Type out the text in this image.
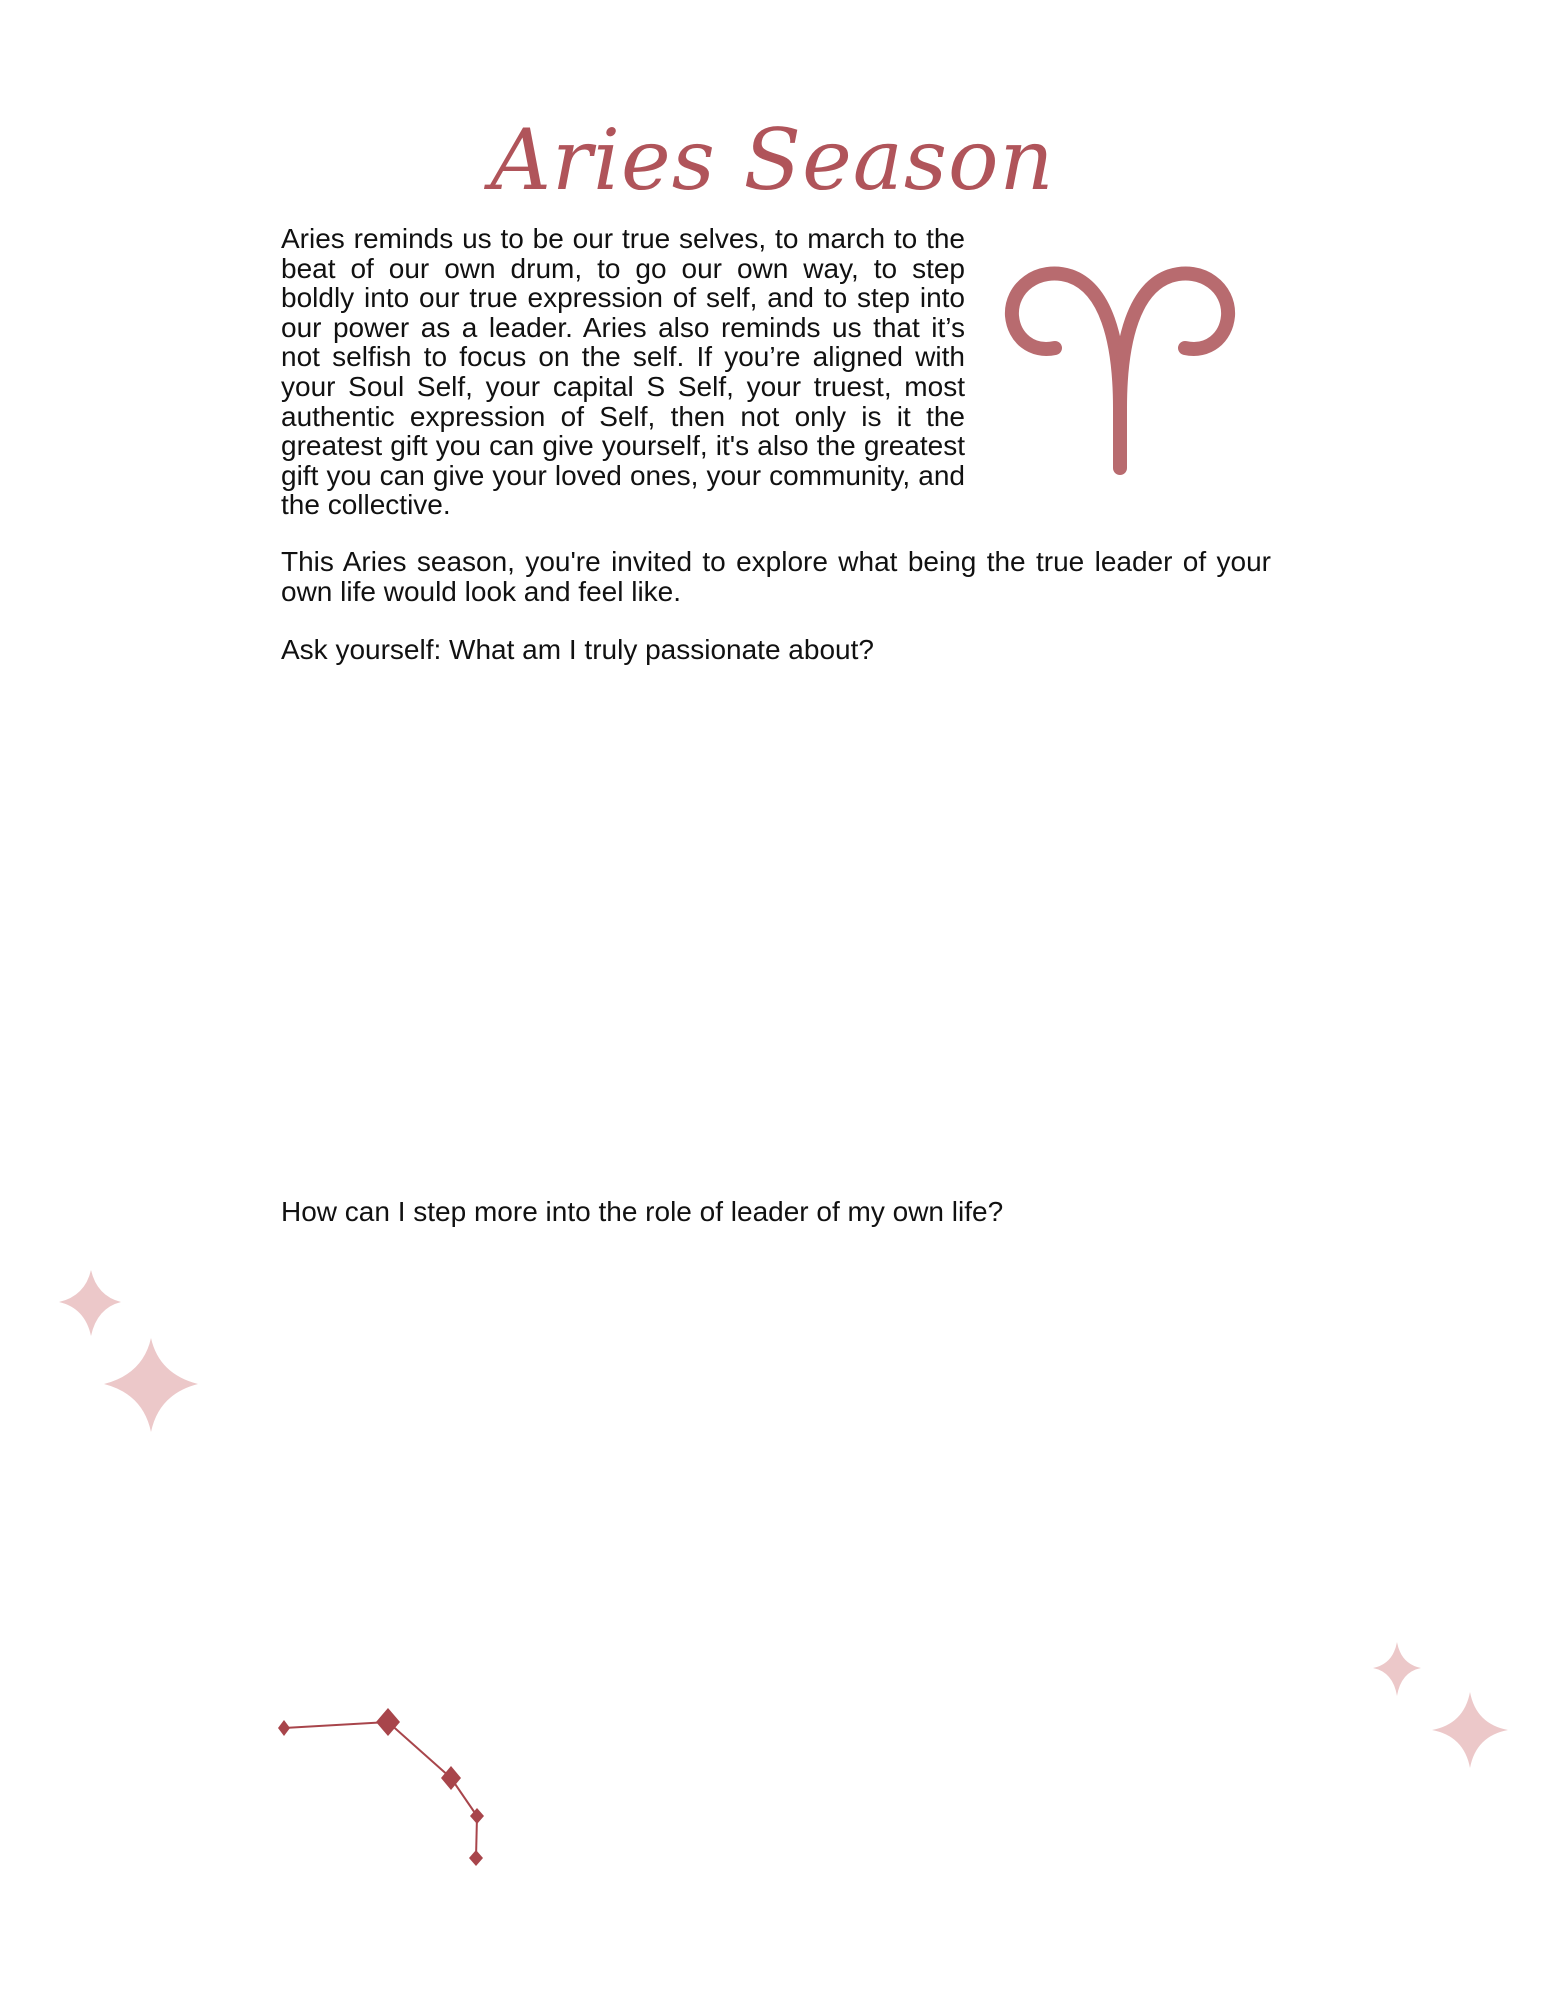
Aries Season

Aries reminds us to be our true selves, to march to the beat of our own drum, to go our own way, to step boldly into our true expression of self, and to step into our power as a leader. Aries also reminds us that it’s not selfish to focus on the self. If you’re aligned with your Soul Self, your capital S Self, your truest, most authentic expression of Self, then not only is it the greatest gift you can give yourself, it's also the greatest gift you can give your loved ones, your community, and the collective.

This Aries season, you're invited to explore what being the true leader of your own life would look and feel like.

Ask yourself: What am I truly passionate about?

How can I step more into the role of leader of my own life?
